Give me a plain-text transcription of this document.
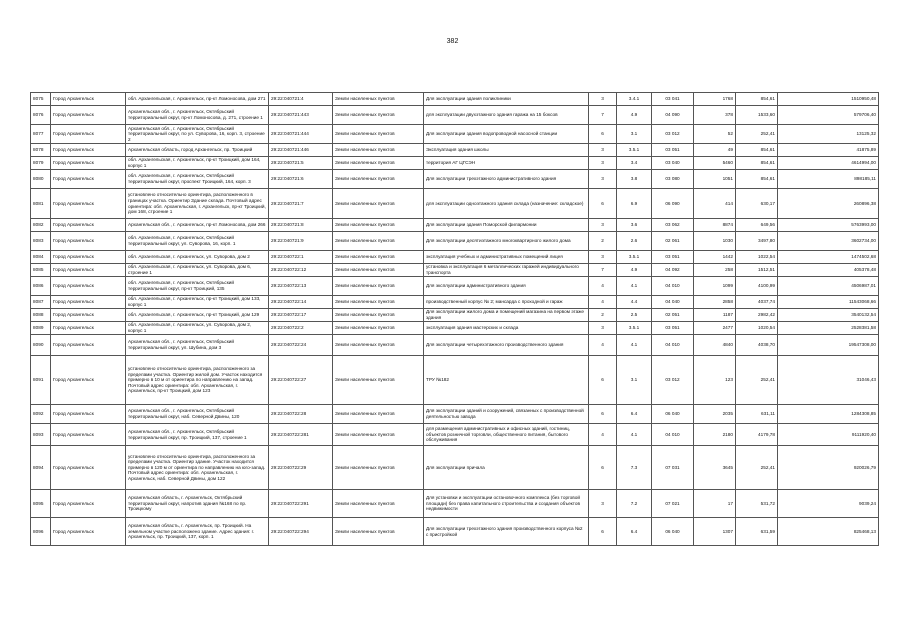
382
8075	Город Архангельск	обл. Архангельская, г. Архангельск, пр-кт Ломоносова, дом 271	29:22:040721:4	Земли населенных пунктов	Для эксплуатации здания поликлиники	3	3.4.1	03 041	1768	854,61	1510950,48
8076	Город Архангельск	Архангельская обл., г. Архангельск, Октябрьский территориальный округ, пр-кт Ломоносова, д. 271, строение 1	29:22:040721:443	Земли населенных пунктов	для эксплуатации двухэтажного здания гаража на 15 боксов	7	4.9	04 090	378	1533,60	579706,40
8077	Город Архангельск	Архангельская обл., г. Архангельск, Октябрьский территориальный округ, по ул. Суворова, 16, корп. 3, строение 2	29:22:040721:444	Земли населенных пунктов	Для эксплуатации здания водопроводной насосной станции	6	3.1	03 012	52	252,41	13125,32
8078	Город Архангельск	Архангельская область, город Архангельск, пр. Троицкий	29:22:040721:446	Земли населенных пунктов	Эксплуатация здания школы	3	3.5.1	03 051	49	854,61	41875,89
8079	Город Архангельск	обл. Архангельская, г. Архангельск, пр-кт Троицкий, дом 164, корпус 1	29:22:040721:5	Земли населенных пунктов	территория АГ ЦГСЭН	3	3.4	03 040	5460	854,61	4614994,00
8080	Город Архангельск	обл. Архангельская, г. Архангельск, Октябрьский территориальный округ, проспект Троицкий, 164, корп. 3	29:22:040721:6	Земли населенных пунктов	Для эксплуатации трехэтажного административного здания	3	3.8	03 080	1051	854,61	898185,11
8081	Город Архангельск	установлено относительно ориентира, расположенного в границах участка. Ориентир Здание склада. Почтовый адрес ориентира: обл. Архангельская, г. Архангельск, пр-кт Троицкий, дом 168, строение 1	29:22:040721:7	Земли населенных пунктов	для эксплуатации одноэтажного здания склада (назначение: складское)	6	6.9	06 090	414	630,17	260896,38
8082	Город Архангельск	Архангельская обл., г. Архангельск, пр-кт Ломоносова, дом 266	29:22:040721:8	Земли населенных пунктов	Для эксплуатации здания Поморской филармонии	3	3.6	03 062	8874	649,56	5763993,00
8083	Город Архангельск	обл. Архангельская, г. Архангельск, Октябрьский территориальный округ, ул. Суворова, 16, корп. 1	29:22:040721:9	Земли населенных пунктов	Для эксплуатации десятиэтажного многоквартирного жилого дома	2	2.6	02 061	1030	3497,80	3602734,00
8084	Город Архангельск	обл. Архангельская, г. Архангельск, ул. Суворова, дом 2	29:22:040722:1	Земли населенных пунктов	эксплуатация учебных и административных помещений лицея	3	3.5.1	03 051	1442	1022,54	1474502,68
8085	Город Архангельск	обл. Архангельская, г. Архангельск, ул. Суворова, дом 6, строение 1	29:22:040722:12	Земли населенных пунктов	установка и эксплуатация 6 металлических гаражей индивидуального транспорта	7	4.9	04 092	258	1512,51	405378,48
8086	Город Архангельск	обл. Архангельская, г. Архангельск, Октябрьский территориальный округ, пр-кт Троицкий, 135	29:22:040722:13	Земли населенных пунктов	Для эксплуатации административного здания	4	4.1	04 010	1099	4100,99	4506987,01
8087	Город Архангельск	обл. Архангельская, г. Архангельск, пр-кт Троицкий, дом 133, корпус 1	29:22:040722:14	Земли населенных пунктов	производственный корпус № 2; мансарда с проходной и гараж	4	4.4	04 040	2858	4037,74	11543068,66
8088	Город Архангельск	обл. Архангельская, г. Архангельск, пр-кт Троицкий, дом 129	29:22:040722:17	Земли населенных пунктов	Для эксплуатации жилого дома и помещений магазина на первом этаже здания	2	2.5	02 051	1187	2982,42	3540132,54
8089	Город Архангельск	обл. Архангельская, г. Архангельск, ул. Суворова, дом 2, корпус 1	29:22:040722:2	Земли населенных пунктов	эксплуатация здания мастерских и склада	3	3.5.1	03 051	2477	1020,54	2528381,58
8090	Город Архангельск	Архангельская обл., г. Архангельск, Октябрьский территориальный округ, ул. Шубина, дом 3	29:22:040722:24	Земли населенных пунктов	Для эксплуатации четырехэтажного производственного здания	4	4.1	04 010	4840	4038,70	19547308,00
8091	Город Архангельск	установлено относительно ориентира, расположенного за пределами участка. Ориентир жилой дом. Участок находится примерно в 10 м от ориентира по направлению на запад. Почтовый адрес ориентира: обл. Архангельская, г. Архангельск, пр-кт Троицкий, дом 123	29:22:040722:27	Земли населенных пунктов	ТРУ №182	6	3.1	03 012	123	252,41	31046,43
8092	Город Архангельск	Архангельская обл., г. Архангельск, Октябрьский территориальный округ, наб. Северной Двины, 120	29:22:040722:28	Земли населенных пунктов	Для эксплуатации зданий и сооружений, связанных с производственной деятельностью завода	6	6.4	06 040	2035	631,11	1284308,85
8093	Город Архангельск	Архангельская обл., г. Архангельск, Октябрьский территориальный округ, пр. Троицкий, 137, строение 1	29:22:040722:281	Земли населенных пунктов	для размещения административных и офисных зданий, гостиниц, объектов розничной торговли, общественного питания, бытового обслуживания	4	4.1	04 010	2180	4179,78	9111920,40
8094	Город Архангельск	установлено относительно ориентира, расположенного за пределами участка. Ориентир здание. Участок находится примерно в 120 м от ориентира по направлению на юго-запад. Почтовый адрес ориентира: обл. Архангельская, г. Архангельск, наб. Северной Двины, дом 122	29:22:040722:29	Земли населенных пунктов	Для эксплуатации причала	6	7.3	07 031	3645	252,41	920026,79
8095	Город Архангельск	Архангельская область, г. Архангельск, Октябрьский территориальный округ, напротив здания №168 по пр. Троицкому	29:22:040722:291	Земли населенных пунктов	Для установки и эксплуатации остановочного комплекса (без торговой площади) без права капитального строительства и создания объектов недвижимости	3	7.2	07 021	17	531,72	9039,24
8096	Город Архангельск	Архангельская область, г. Архангельск, пр. Троицкий. На земельном участке расположено здание. Адрес здания: г. Архангельск, пр. Троицкий, 137, корп. 1	29:22:040722:294	Земли населенных пунктов	Для эксплуатации трехэтажного здания производственного корпуса №2 с пристройкой	6	6.4	06 040	1307	631,59	825468,13
